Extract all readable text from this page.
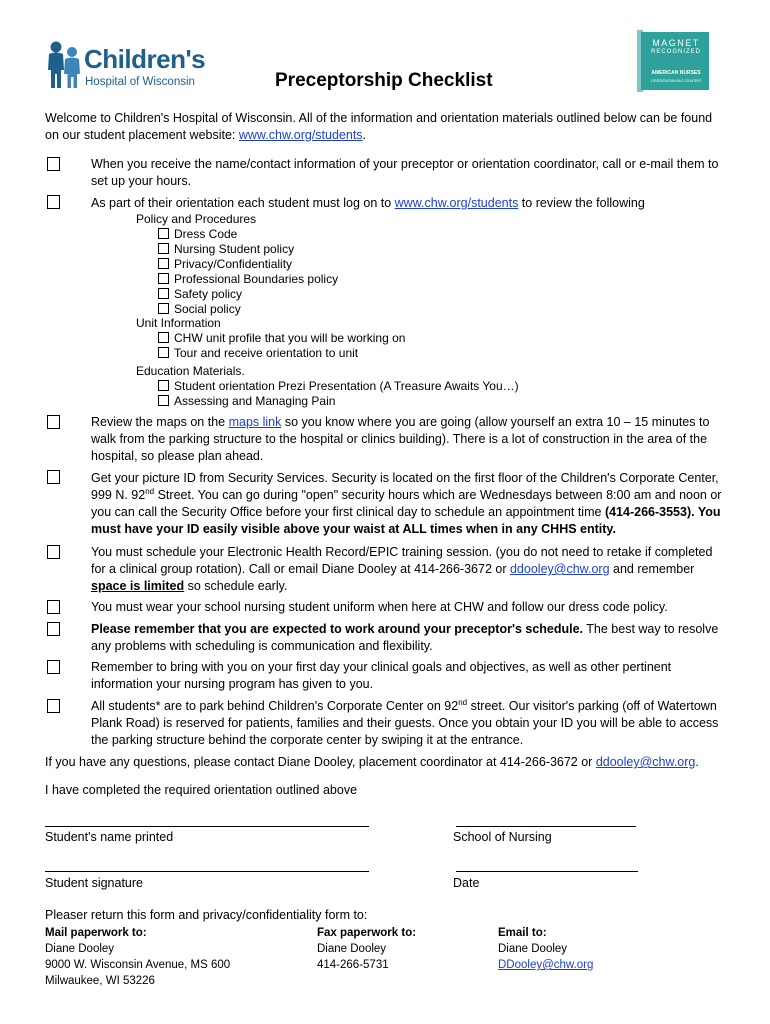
Children's
Hospital of Wisconsin
MAGNET
RECOGNIZED
AMERICAN NURSES
CREDENTIALING CENTER
Preceptorship Checklist
Welcome to Children's Hospital of Wisconsin. All of the information and orientation materials outlined below can be found on our student placement website: www.chw.org/students.
When you receive the name/contact information of your preceptor or orientation coordinator, call or e-mail them to set up your hours.
As part of their orientation each student must log on to www.chw.org/students to review the following
Policy and Procedures
Dress Code
Nursing Student policy
Privacy/Confidentiality
Professional Boundaries policy
Safety policy
Social policy
Unit Information
CHW unit profile that you will be working on
Tour and receive orientation to unit
Education Materials.
Student orientation Prezi Presentation (A Treasure Awaits You…)
Assessing and Managing Pain
Review the maps on the maps link so you know where you are going (allow yourself an extra 10 – 15 minutes to walk from the parking structure to the hospital or clinics building). There is a lot of construction in the area of the hospital, so please plan ahead.
Get your picture ID from Security Services. Security is located on the first floor of the Children's Corporate Center, 999 N. 92nd Street. You can go during "open" security hours which are Wednesdays between 8:00 am and noon or you can call the Security Office before your first clinical day to schedule an appointment time (414-266-3553). You must have your ID easily visible above your waist at ALL times when in any CHHS entity.
You must schedule your Electronic Health Record/EPIC training session. (you do not need to retake if completed for a clinical group rotation). Call or email Diane Dooley at 414-266-3672 or ddooley@chw.org and remember space is limited so schedule early.
You must wear your school nursing student uniform when here at CHW and follow our dress code policy.
Please remember that you are expected to work around your preceptor's schedule. The best way to resolve any problems with scheduling is communication and flexibility.
Remember to bring with you on your first day your clinical goals and objectives, as well as other pertinent information your nursing program has given to you.
All students* are to park behind Children's Corporate Center on 92nd street. Our visitor's parking (off of Watertown Plank Road) is reserved for patients, families and their guests. Once you obtain your ID you will be able to access the parking structure behind the corporate center by swiping it at the entrance.
If you have any questions, please contact Diane Dooley, placement coordinator at 414-266-3672 or ddooley@chw.org.
I have completed the required orientation outlined above
Student's name printed	School of Nursing
Student signature	Date
Pleaser return this form and privacy/confidentiality form to:
Mail paperwork to:
Diane Dooley
9000 W. Wisconsin Avenue, MS 600
Milwaukee, WI 53226
Fax paperwork to:
Diane Dooley
414-266-5731
Email to:
Diane Dooley
DDooley@chw.org
